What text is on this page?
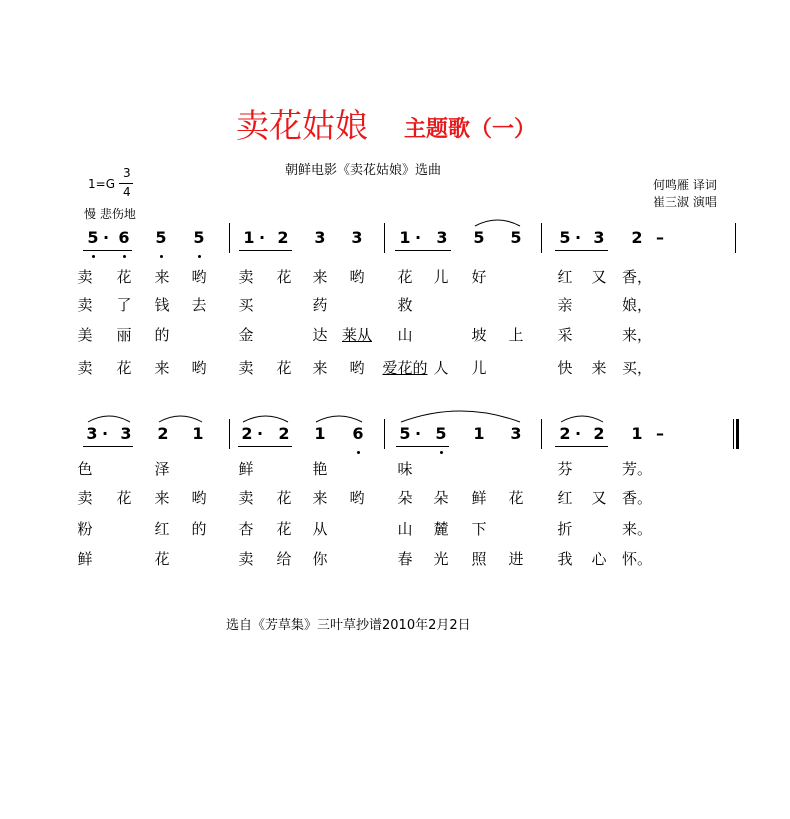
卖花姑娘 主题歌（一）
朝鲜电影《卖花姑娘》选曲
1=G
3
4
慢 悲伤地
何鸣雁 译词
崔三淑 演唱
5 · 6 5 5 1 · 2 3 3 1 · 3 5 5 5 · 3 2 –
卖 花 来 哟 卖 花 来 哟 花 儿 好	红 又 香，
卖 了 钱 去 买	药	救	亲	娘，
美 丽 的	金	达 莱从 山	坡 上 采	来，
卖 花 来 哟 卖 花 来 哟 爱花的 人 儿	快 来 买，
3 · 3 2 1 2 · 2 1 6 5 · 5 1 3 2 · 2 1 –
色	泽	鲜	艳	味	芬	芳。
卖 花 来 哟 卖 花 来 哟 朵 朵 鲜 花 红 又 香。
粉	红 的 杏 花 从	山 麓 下	折	来。
鲜	花	卖 给 你	春 光 照 进 我 心 怀。
选自《芳草集》三叶草抄谱2010年2月2日
